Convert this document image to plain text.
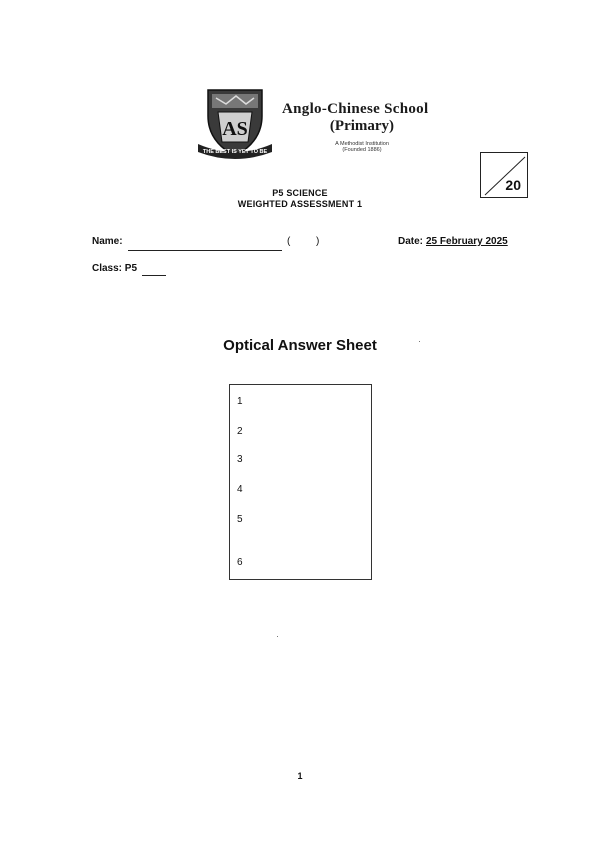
AS
THE BEST IS YET TO BE
Anglo-Chinese School
(Primary)
A Methodist Institution
(Founded 1886)
20
P5 SCIENCE
WEIGHTED ASSESSMENT 1
Name:	(	)	Date: 25 February 2025
Class: P5
Optical Answer Sheet
1
2
3
4
5
6
1
